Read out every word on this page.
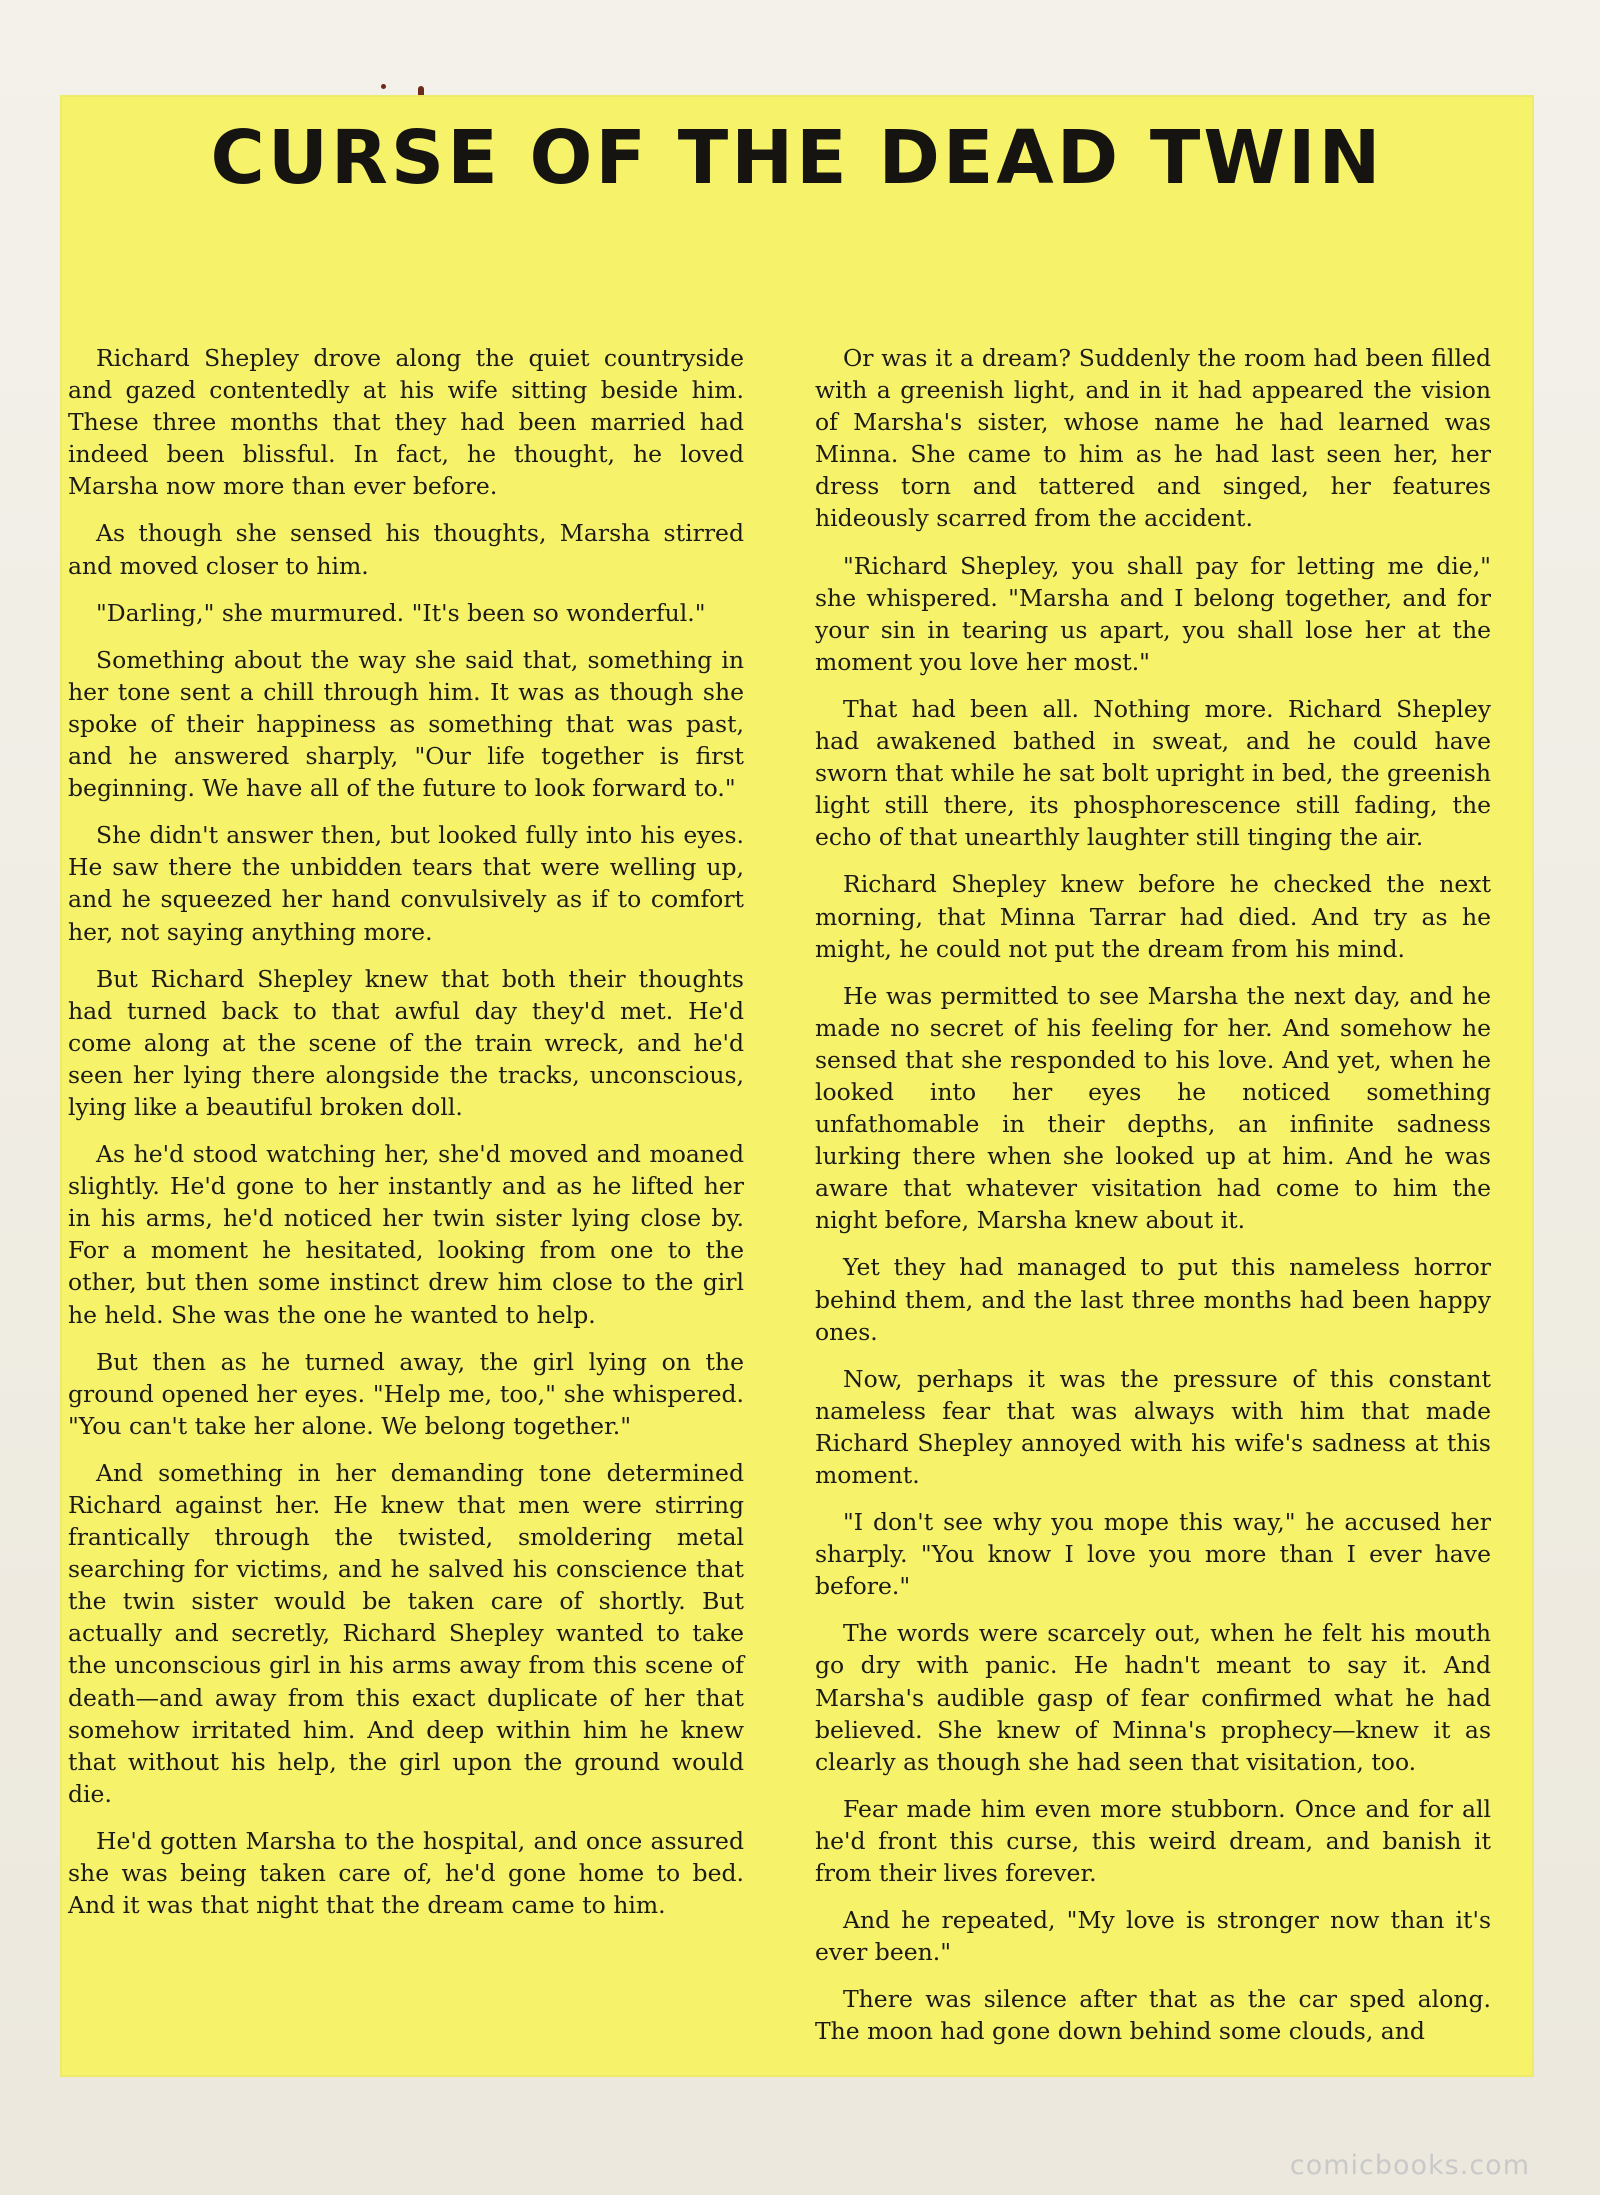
CURSE OF THE DEAD TWIN

Richard Shepley drove along the quiet countryside and gazed contentedly at his wife sitting beside him. These three months that they had been married had indeed been blissful. In fact, he thought, he loved Marsha now more than ever before.

As though she sensed his thoughts, Marsha stirred and moved closer to him.

"Darling," she murmured. "It's been so wonderful."

Something about the way she said that, something in her tone sent a chill through him. It was as though she spoke of their happiness as something that was past, and he answered sharply, "Our life together is first beginning. We have all of the future to look forward to."

She didn't answer then, but looked fully into his eyes. He saw there the unbidden tears that were welling up, and he squeezed her hand convulsively as if to comfort her, not saying anything more.

But Richard Shepley knew that both their thoughts had turned back to that awful day they'd met. He'd come along at the scene of the train wreck, and he'd seen her lying there alongside the tracks, unconscious, lying like a beautiful broken doll.

As he'd stood watching her, she'd moved and moaned slightly. He'd gone to her instantly and as he lifted her in his arms, he'd noticed her twin sister lying close by. For a moment he hesitated, looking from one to the other, but then some instinct drew him close to the girl he held. She was the one he wanted to help.

But then as he turned away, the girl lying on the ground opened her eyes. "Help me, too," she whispered. "You can't take her alone. We belong together."

And something in her demanding tone determined Richard against her. He knew that men were stirring frantically through the twisted, smoldering metal searching for victims, and he salved his conscience that the twin sister would be taken care of shortly. But actually and secretly, Richard Shepley wanted to take the unconscious girl in his arms away from this scene of death—and away from this exact duplicate of her that somehow irritated him. And deep within him he knew that without his help, the girl upon the ground would die.

He'd gotten Marsha to the hospital, and once assured she was being taken care of, he'd gone home to bed. And it was that night that the dream came to him.

Or was it a dream? Suddenly the room had been filled with a greenish light, and in it had appeared the vision of Marsha's sister, whose name he had learned was Minna. She came to him as he had last seen her, her dress torn and tattered and singed, her features hideously scarred from the accident.

"Richard Shepley, you shall pay for letting me die," she whispered. "Marsha and I belong together, and for your sin in tearing us apart, you shall lose her at the moment you love her most."

That had been all. Nothing more. Richard Shepley had awakened bathed in sweat, and he could have sworn that while he sat bolt upright in bed, the greenish light still there, its phosphorescence still fading, the echo of that unearthly laughter still tinging the air.

Richard Shepley knew before he checked the next morning, that Minna Tarrar had died. And try as he might, he could not put the dream from his mind.

He was permitted to see Marsha the next day, and he made no secret of his feeling for her. And somehow he sensed that she responded to his love. And yet, when he looked into her eyes he noticed something unfathomable in their depths, an infinite sadness lurking there when she looked up at him. And he was aware that whatever visitation had come to him the night before, Marsha knew about it.

Yet they had managed to put this nameless horror behind them, and the last three months had been happy ones.

Now, perhaps it was the pressure of this constant nameless fear that was always with him that made Richard Shepley annoyed with his wife's sadness at this moment.

"I don't see why you mope this way," he accused her sharply. "You know I love you more than I ever have before."

The words were scarcely out, when he felt his mouth go dry with panic. He hadn't meant to say it. And Marsha's audible gasp of fear confirmed what he had believed. She knew of Minna's prophecy—knew it as clearly as though she had seen that visitation, too.

Fear made him even more stubborn. Once and for all he'd front this curse, this weird dream, and banish it from their lives forever.

And he repeated, "My love is stronger now than it's ever been."

There was silence after that as the car sped along. The moon had gone down behind some clouds, and

comicbooks.com
